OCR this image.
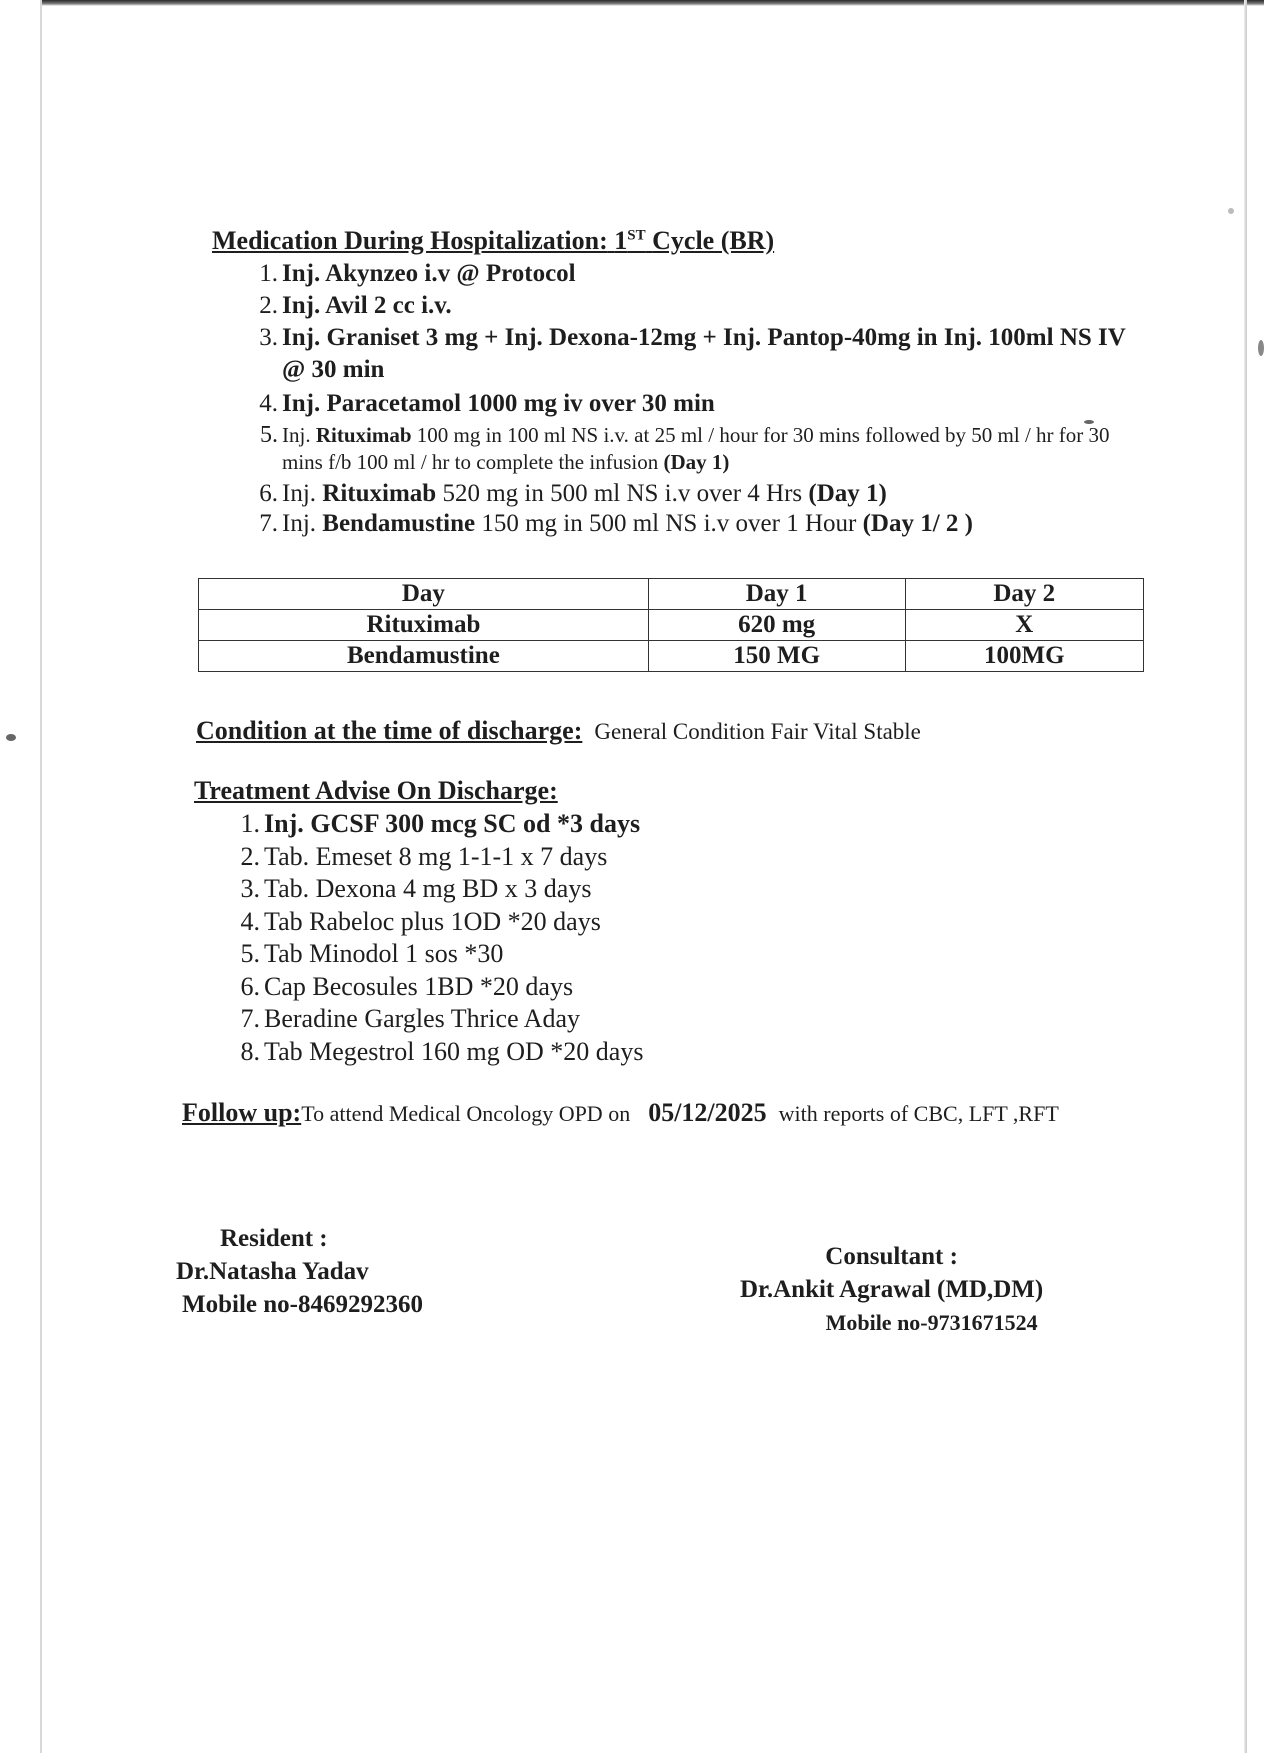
Medication During Hospitalization: 1ST Cycle (BR)
1. Inj. Akynzeo i.v @ Protocol
2. Inj. Avil 2 cc i.v.
3. Inj. Graniset 3 mg + Inj. Dexona-12mg + Inj. Pantop-40mg in Inj. 100ml NS IV @ 30 min
4. Inj. Paracetamol 1000 mg iv over 30 min
5. Inj. Rituximab 100 mg in 100 ml NS i.v. at 25 ml / hour for 30 mins followed by 50 ml / hr for 30 mins f/b 100 ml / hr to complete the infusion (Day 1)
6. Inj. Rituximab 520 mg in 500 ml NS i.v over 4 Hrs (Day 1)
7. Inj. Bendamustine 150 mg in 500 ml NS i.v over 1 Hour (Day 1/ 2 )
Day	Day 1	Day 2
Rituximab	620 mg	X
Bendamustine	150 MG	100MG
Condition at the time of discharge: General Condition Fair Vital Stable
Treatment Advise On Discharge:
1. Inj. GCSF 300 mcg SC od *3 days
2. Tab. Emeset 8 mg 1-1-1 x 7 days
3. Tab. Dexona 4 mg BD x 3 days
4. Tab Rabeloc plus 1OD *20 days
5. Tab Minodol 1 sos *30
6. Cap Becosules 1BD *20 days
7. Beradine Gargles Thrice Aday
8. Tab Megestrol 160 mg OD *20 days
Follow up:To attend Medical Oncology OPD on 05/12/2025 with reports of CBC, LFT ,RFT
Resident :
Dr.Natasha Yadav
Mobile no-8469292360
Consultant :
Dr.Ankit Agrawal (MD,DM)
Mobile no-9731671524
